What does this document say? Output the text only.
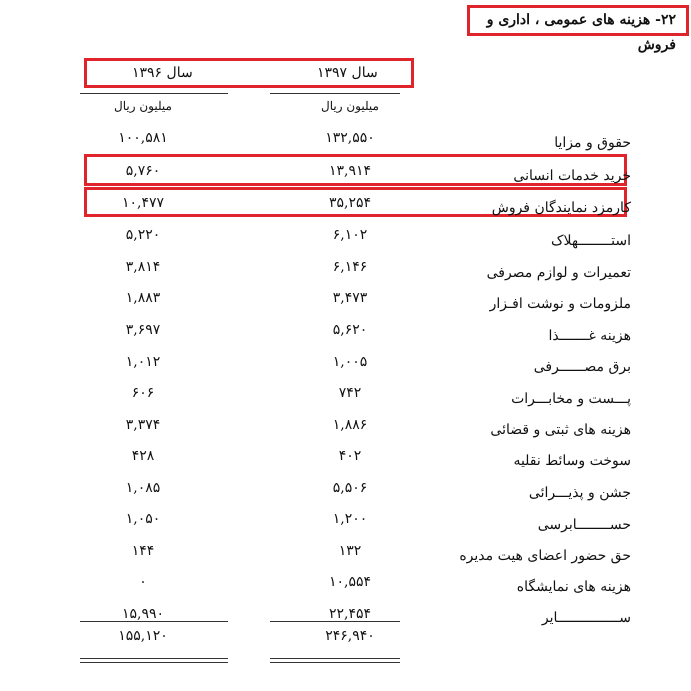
۲۲- هزینه های عمومی ، اداری و فروش
سال ۱۳۹۷
سال ۱۳۹۶
میلیون ریال
میلیون ریال
حقوق و مزایا
۱۳۲,۵۵۰
۱۰۰,۵۸۱
خرید خدمات انسانی
۱۳,۹۱۴
۵,۷۶۰
کارمزد نمایندگان فروش
۳۵,۲۵۴
۱۰,۴۷۷
استــــــــهلاک
۶,۱۰۲
۵,۲۲۰
تعمیرات و لوازم مصرفی
۶,۱۴۶
۳,۸۱۴
ملزومات و نوشت افـزار
۳,۴۷۳
۱,۸۸۳
هزینه غـــــــذا
۵,۶۲۰
۳,۶۹۷
برق مصــــــرفی
۱,۰۰۵
۱,۰۱۲
پـــست و مخابـــرات
۷۴۲
۶۰۶
هزینه های ثبتی و قضائی
۱,۸۸۶
۳,۳۷۴
سوخت وسائط نقلیه
۴۰۲
۴۲۸
جشن و پذیـــرائی
۵,۵۰۶
۱,۰۸۵
حســــــــابرسی
۱,۲۰۰
۱,۰۵۰
حق حضور اعضای هیت مدیره
۱۳۲
۱۴۴
هزینه های نمایشگاه
۱۰,۵۵۴
۰
ســـــــــــــــایر
۲۲,۴۵۴
۱۵,۹۹۰
۲۴۶,۹۴۰
۱۵۵,۱۲۰
